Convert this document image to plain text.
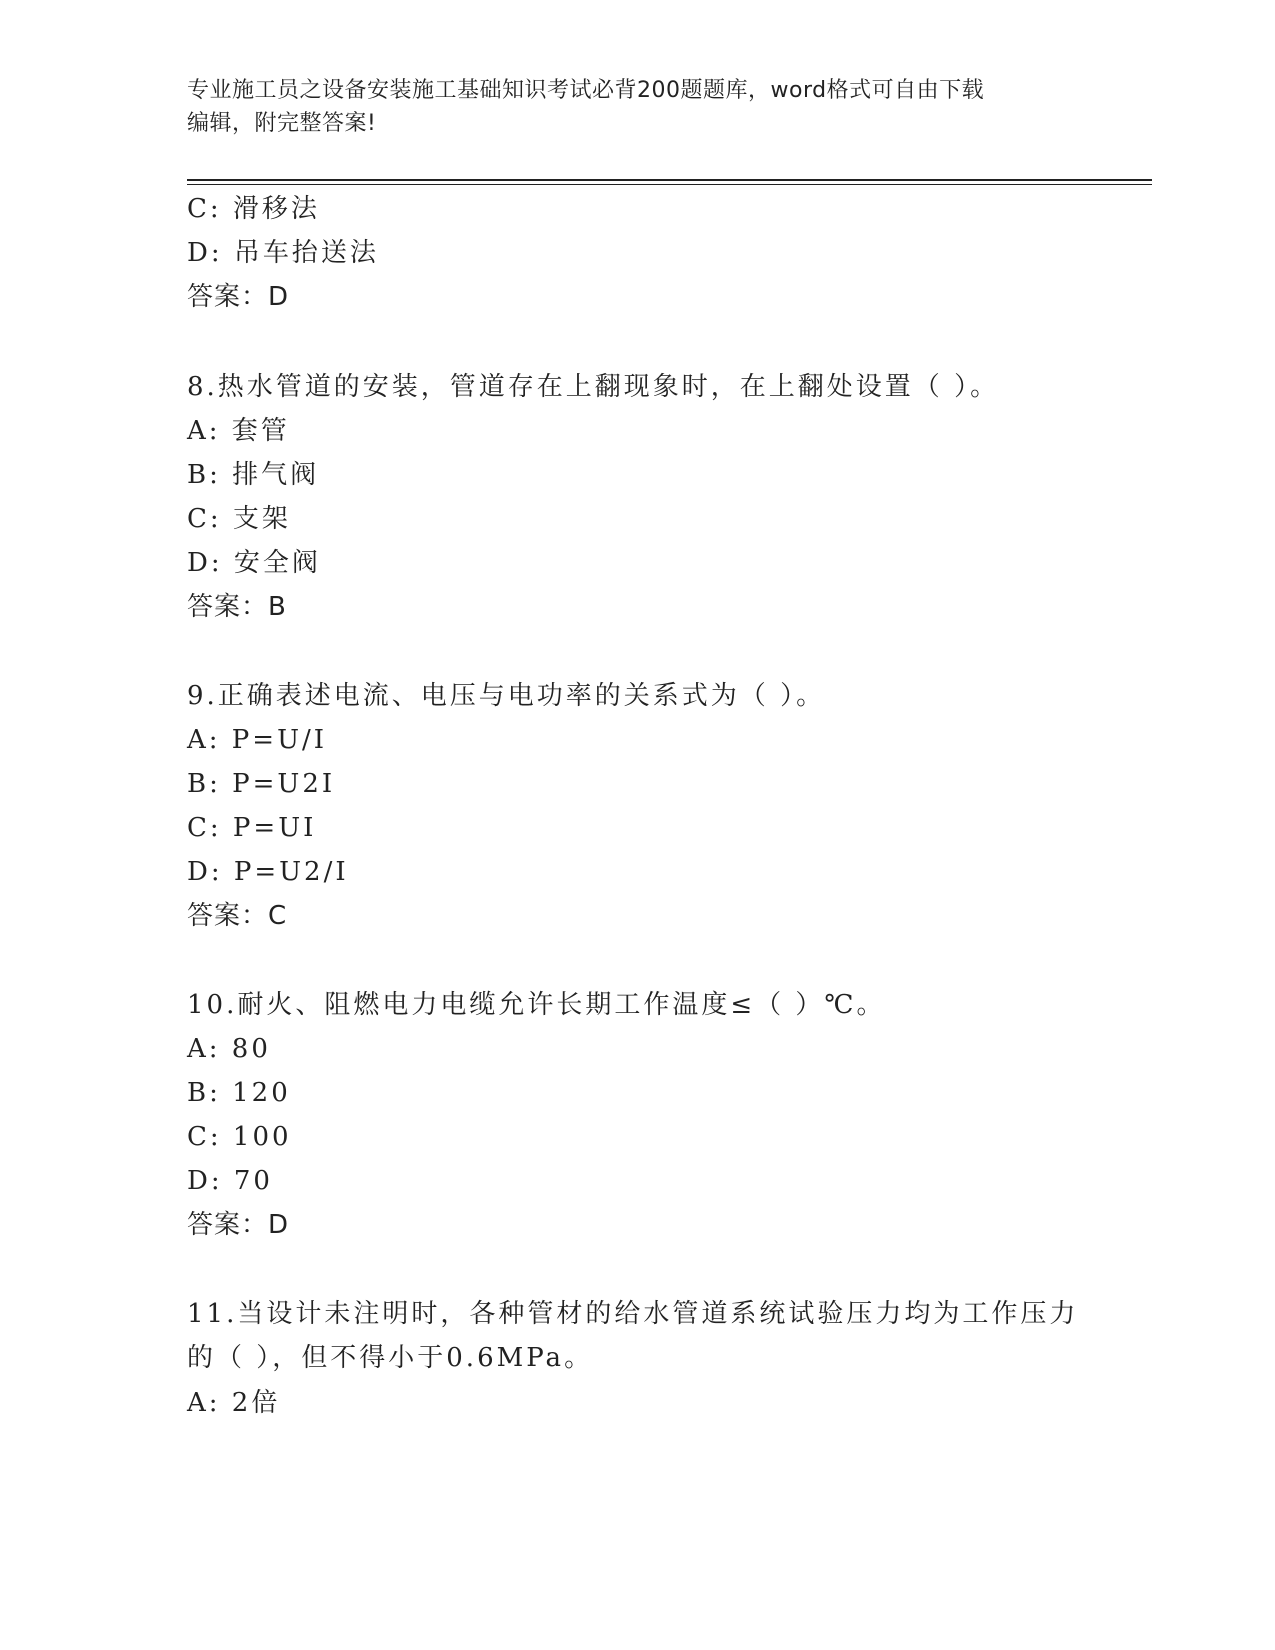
专业施工员之设备安装施工基础知识考试必背200题题库，word格式可自由下载
编辑，附完整答案!
C: 滑移法
D: 吊车抬送法
答案：D
8.热水管道的安装，管道存在上翻现象时，在上翻处设置（ ）。
A: 套管
B: 排气阀
C: 支架
D: 安全阀
答案：B
9.正确表述电流、电压与电功率的关系式为（ ）。
A: P=U/I
B: P=U2I
C: P=UI
D: P=U2/I
答案：C
10.耐火、阻燃电力电缆允许长期工作温度≤（ ）℃。
A: 80
B: 120
C: 100
D: 70
答案：D
11.当设计未注明时，各种管材的给水管道系统试验压力均为工作压力
的（ ），但不得小于0.6MPa。
A: 2倍
